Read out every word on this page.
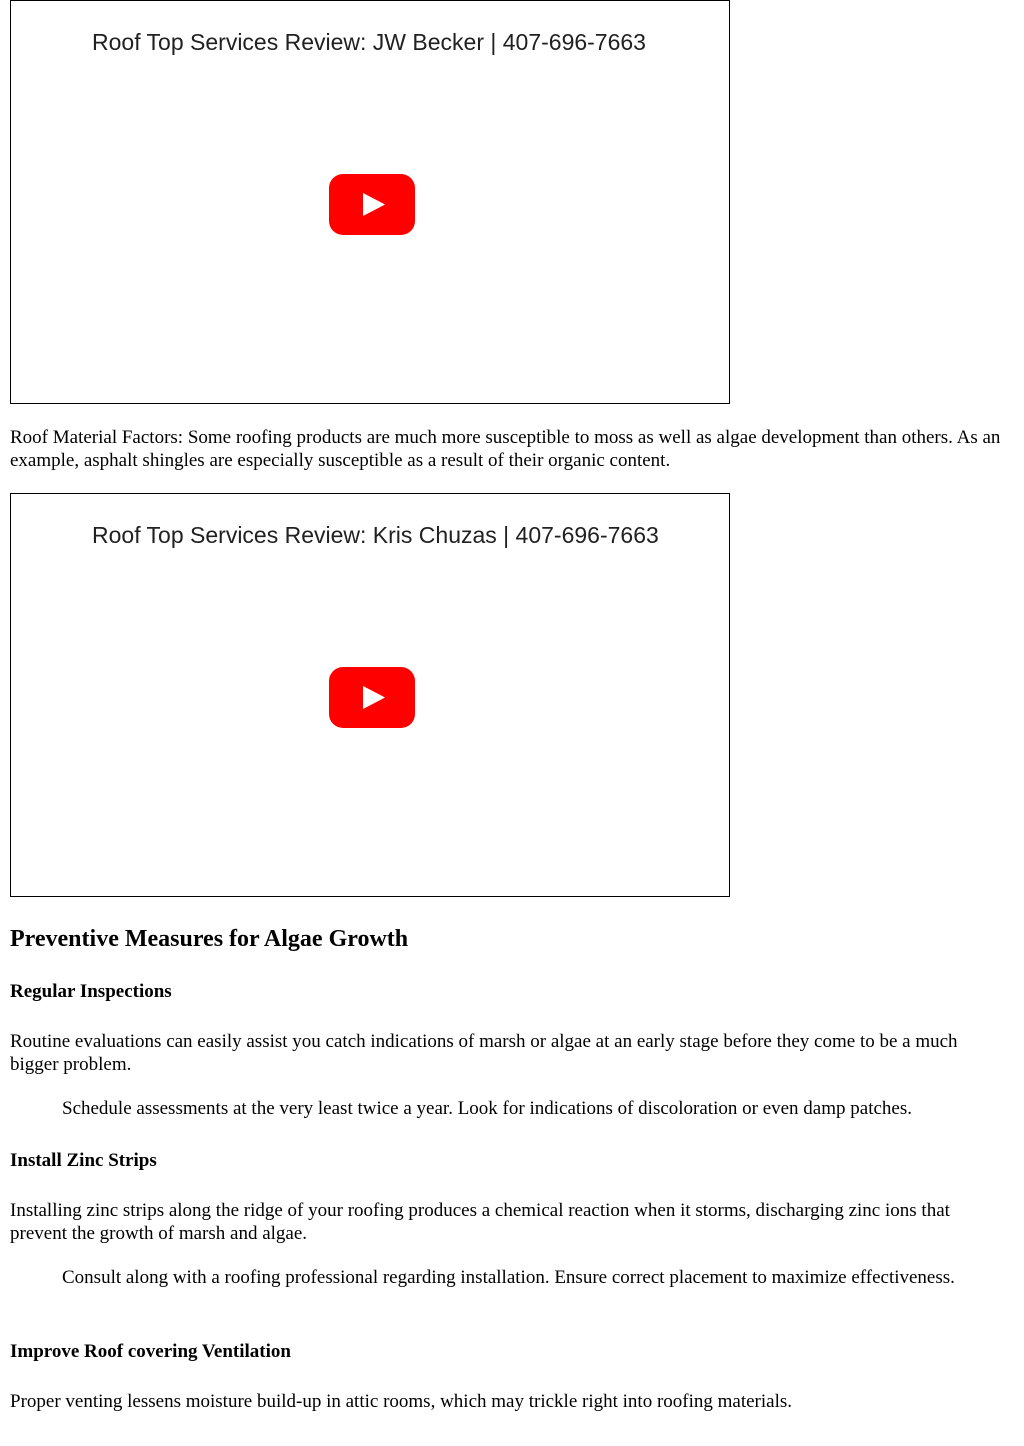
Roof Top Services Review: JW Becker | 407-696-7663

Roof Material Factors: Some roofing products are much more susceptible to moss as well as algae development than others. As an example, asphalt shingles are especially susceptible as a result of their organic content.

Roof Top Services Review: Kris Chuzas | 407-696-7663
Preventive Measures for Algae Growth
Regular Inspections

Routine evaluations can easily assist you catch indications of marsh or algae at an early stage before they come to be a much bigger problem.

Schedule assessments at the very least twice a year. Look for indications of discoloration or even damp patches.

Install Zinc Strips

Installing zinc strips along the ridge of your roofing produces a chemical reaction when it storms, discharging zinc ions that prevent the growth of marsh and algae.

Consult along with a roofing professional regarding installation. Ensure correct placement to maximize effectiveness.

Improve Roof covering Ventilation

Proper venting lessens moisture build-up in attic rooms, which may trickle right into roofing materials.
